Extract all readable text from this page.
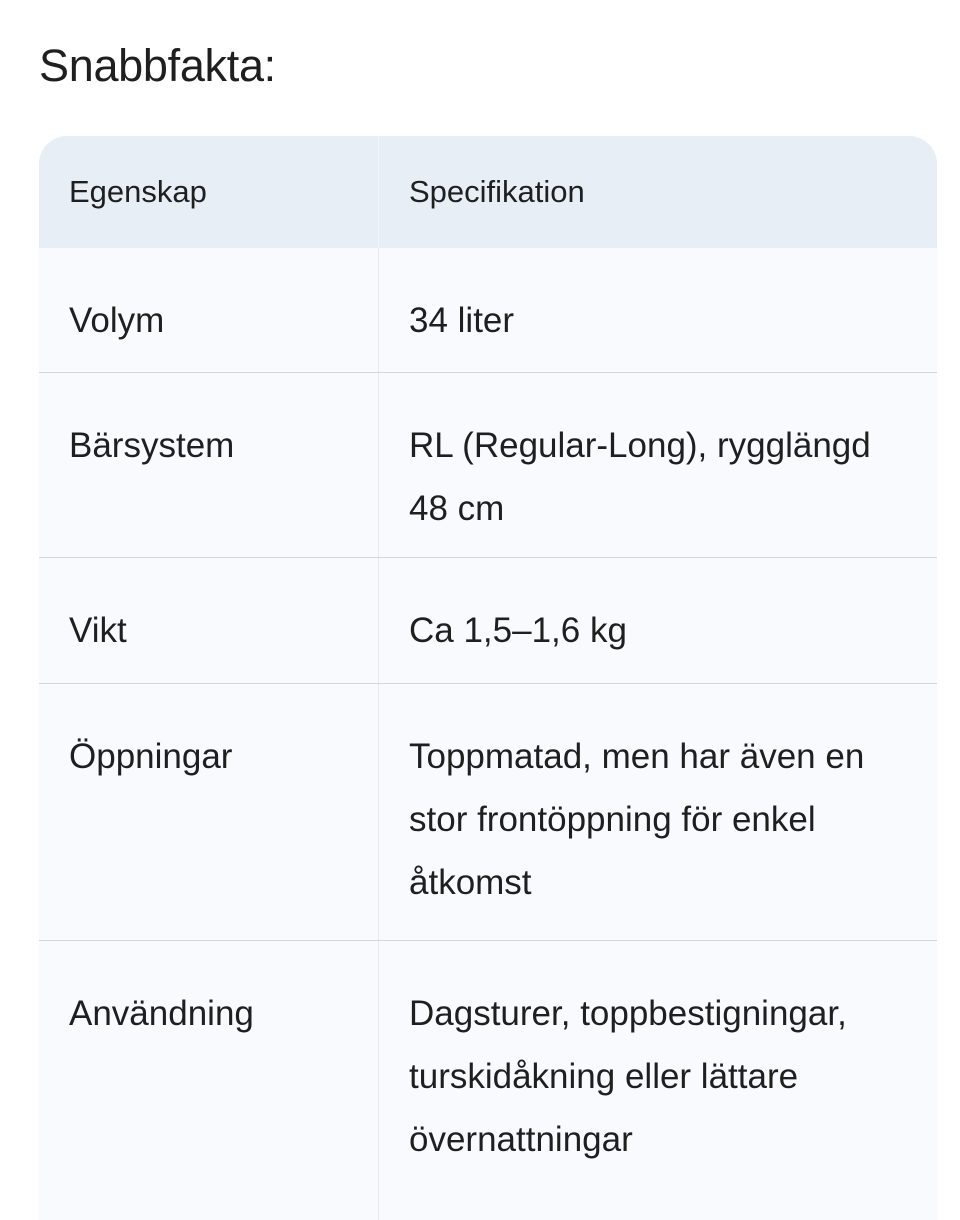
Snabbfakta:
Egenskap	Specifikation
Volym	34 liter
Bärsystem	RL (Regular-Long), rygglängd 48 cm
Vikt	Ca 1,5–1,6 kg
Öppningar	Toppmatad, men har även en stor frontöppning för enkel åtkomst
Användning	Dagsturer, toppbestigningar, turskidåkning eller lättare övernattningar
